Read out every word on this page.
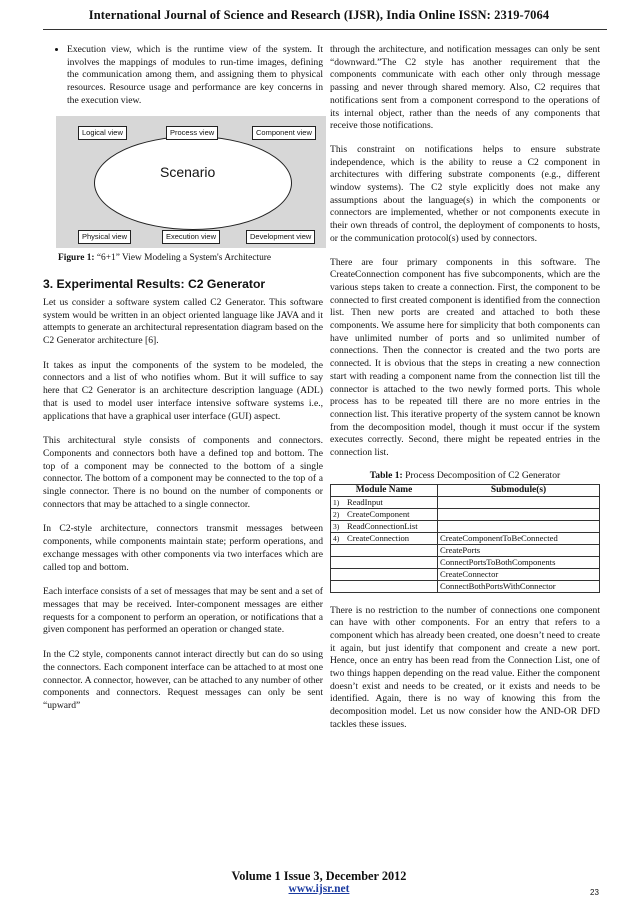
International Journal of Science and Research (IJSR), India Online ISSN: 2319-7064
• Execution view, which is the runtime view of the system. It involves the mappings of modules to run-time images, defining the communication among them, and assigning them to physical resources. Resource usage and performance are key concerns in the execution view.
Scenario
Logical view	Process view	Component view
Physical view	Execution view	Development view
Figure 1: “6+1” View Modeling a System's Architecture
3. Experimental Results: C2 Generator

Let us consider a software system called C2 Generator. This software system would be written in an object oriented language like JAVA and it attempts to generate an architectural representation diagram based on the C2 Generator architecture [6].

It takes as input the components of the system to be modeled, the connectors and a list of who notifies whom. But it will suffice to say here that C2 Generator is an architecture description language (ADL) that is used to model user interface intensive software systems i.e., applications that have a graphical user interface (GUI) aspect.

This architectural style consists of components and connectors. Components and connectors both have a defined top and bottom. The top of a component may be connected to the bottom of a single connector. The bottom of a component may be connected to the top of a single connector. There is no bound on the number of components or connectors that may be attached to a single connector.

In C2-style architecture, connectors transmit messages between components, while components maintain state; perform operations, and exchange messages with other components via two interfaces which are called top and bottom.

Each interface consists of a set of messages that may be sent and a set of messages that may be received. Inter-component messages are either requests for a component to perform an operation, or notifications that a given component has performed an operation or changed state.

In the C2 style, components cannot interact directly but can do so using the connectors. Each component interface can be attached to at most one connector. A connector, however, can be attached to any number of other components and connectors. Request messages can only be sent “upward”

through the architecture, and notification messages can only be sent “downward.”The C2 style has another requirement that the components communicate with each other only through message passing and never through shared memory. Also, C2 requires that notifications sent from a component correspond to the operations of its internal object, rather than the needs of any components that receive those notifications.

This constraint on notifications helps to ensure substrate independence, which is the ability to reuse a C2 component in architectures with differing substrate components (e.g., different window systems). The C2 style explicitly does not make any assumptions about the language(s) in which the components or connectors are implemented, whether or not components execute in their own threads of control, the deployment of components to hosts, or the communication protocol(s) used by connectors.

There are four primary components in this software. The CreateConnection component has five subcomponents, which are the various steps taken to create a connection. First, the component to be connected to first created component is identified from the connection list. Then new ports are created and attached to both these components. We assume here for simplicity that both components can have unlimited number of ports and so unlimited number of connections. Then the connector is created and the two ports are connected. It is obvious that the steps in creating a new connection start with reading a component name from the connection list till the connector is attached to the two newly formed ports. This whole process has to be repeated till there are no more entries in the connection list. This iterative property of the system cannot be known from the decomposition model, though it must occur if the system executes correctly. Second, there might be repeated entries in the connection list.

Table 1: Process Decomposition of C2 Generator
Module Name	Submodule(s)
1) ReadInput	
2) CreateComponent	
3) ReadConnectionList	
4) CreateConnection	CreateComponentToBeConnected
	CreatePorts
	ConnectPortsToBothComponents
	CreateConnector
	ConnectBothPortsWithConnector

There is no restriction to the number of connections one component can have with other components. For an entry that refers to a component which has already been created, one doesn’t need to create it again, but just identify that component and create a new port. Hence, once an entry has been read from the Connection List, one of two things happen depending on the read value. Either the component doesn’t exist and needs to be created, or it exists and needs to be identified. Again, there is no way of knowing this from the decomposition model. Let us now consider how the AND-OR DFD tackles these issues.

Volume 1 Issue 3, December 2012
www.ijsr.net	23
